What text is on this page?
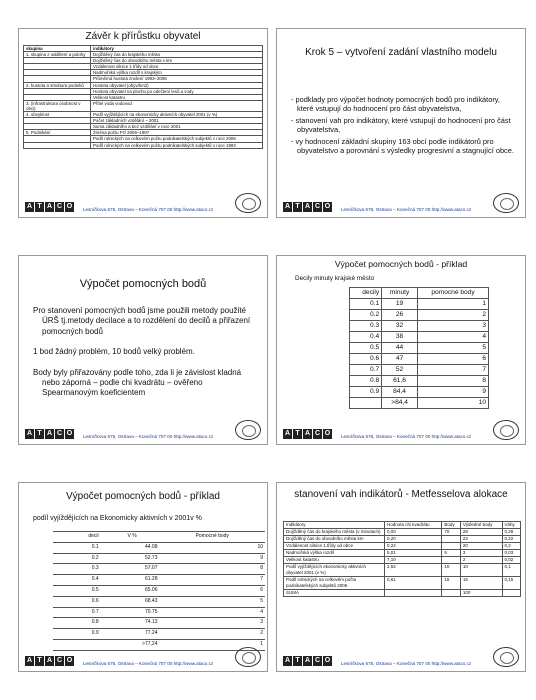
Závěr k přírůstku obyvatel
skupina	indikátory
1. skupina z oddělení a polohy	Dojížděný čas do krajského města
	Dojížděný čas do obvodního města v km
	Vzdálenost silnice 1 třídy od obce
	Nadmořská výška rozdíl s krajským
	Průměrná hustota zrušení 1993–2006
2. hustota a struktura podniků	Hustota obyvatel (obyv/km2)
	Hustota obyvatel na plochu po odečtení lesů a vody
	Velikost katastru
3. (infrastruktura osobnost v obci)	Přítel voda vodovod
4. obvyklost	Podíl vyjíždějících na ekonomicky aktivních obyvatel 2001 (v %)
	Počet základních vzdělání – 2001
	Suma základního a bez vzdělání v roce 2001
5. Podnikání	Změna počtu FO 2006–1997
	Podíl rolnických na celkovém počtu podnikatelských subjektů v roce 2006
	Podíl rolnických na celkovém počtu podnikatelských subjektů v roce 1993
A T A C O	Lesníčkova 676, Ostrava – Konečná 707 00 http://www.ataco.cz
Krok 5 – vytvoření zadání vlastního modelu

- podklady pro výpočet hodnoty pomocných bodů pro indikátory, které vstupují do hodnocení pro část obyvatelstva,

- stanovení vah pro indikátory, které vstupují do hodnocení pro část obyvatelstva,

- vy hodnocení základní skupiny 163 obcí podle indikátorů pro obyvatelstvo a porovnání s výsledky progresivní a stagnující obce.

A T A C O	Lesníčkova 676, Ostrava – Konečná 707 00 http://www.ataco.cz
Výpočet pomocných bodů

Pro stanovení pomocných bodů jsme použili metody použité ÚRŠ tj.metody decilace a to rozdělení do decilů a přiřazení pomocných bodů

1 bod žádný problém, 10 bodů velký problém.

Body byly přiřazovány podle toho, zda li je závislost kladná nebo záporná – podle chi kvadrátu – ověřeno Spearmanovým koeficientem

A T A C O	Lesníčkova 676, Ostrava – Konečná 707 00 http://www.ataco.cz
Výpočet pomocných bodů - příklad
Decily minuty krajské město
decily	minuty	pomocné body
0.1	19	1
0.2	26	2
0.3	32	3
0.4	38	4
0.5	44	5
0.6	47	6
0.7	52	7
0.8	61,6	8
0.9	84,4	9
	>84,4	10
A T A C O	Lesníčkova 676, Ostrava – Konečná 707 00 http://www.ataco.cz
Výpočet pomocných bodů - příklad
podíl vyjíždějících na Ekonomicky aktivních v 2001v %
decil	V %	Pomocné body
0.1	44.08	10
0.2	52.73	9
0.3	57.07	8
0.4	61.28	7
0.5	65.06	6
0.6	68.43	5
0.7	70.75	4
0.8	74.13	3
0.9	77.24	2
	>77,24	1
A T A C O	Lesníčkova 676, Ostrava – Konečná 707 00 http://www.ataco.cz
stanovení vah indikátorů - Metfesselova alokace
Indikátory	Hodnota chi kvadrátu	Body	Výsledné body	Váhy
Dojížděný čas do krajského města (v minutach)	0,00	70	28	0,28
Dojížděný čas do obvodního města km	0,20		22	0,22
Vzdálenost silnice 1.třídy od obce	0,22		20	0,2
Nadmořská výška rozdíl	5,01	5	3	0,03
Velikost katastru	7,10		2	0,02
Podíl vyjíždějících ekonomicky aktivních obyvatel 2001 (v %)	2,52	10	10	0,1
Podíl rolnických na celkovém počtu podnikatelských subjektů 2006	0,61	15	15	0,15
SUMA			100	
A T A C O	Lesníčkova 676, Ostrava – Konečná 707 00 http://www.ataco.cz
